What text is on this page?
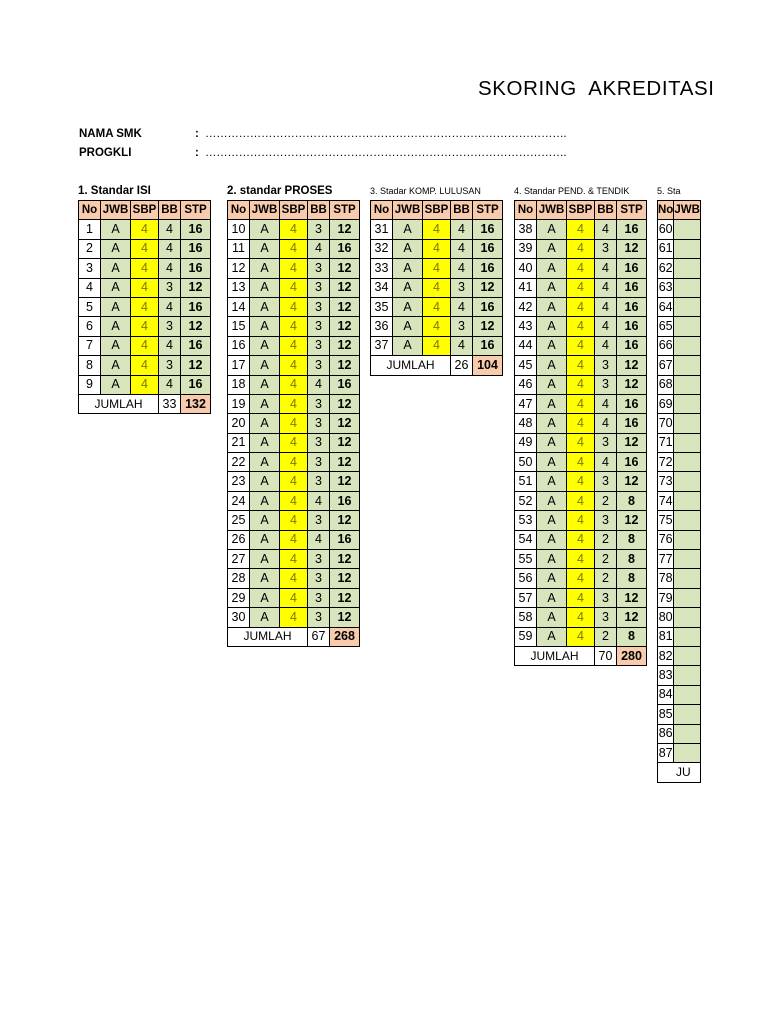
SKORING  AKREDITASI
NAMA SMK	: …………………………………………………………………………………….
PROGKLI	: …………………………………………………………………………………….
1. Standar ISI
No	JWB	SBP	BB	STP
1	A	4	4	16
2	A	4	4	16
3	A	4	4	16
4	A	4	3	12
5	A	4	4	16
6	A	4	3	12
7	A	4	4	16
8	A	4	3	12
9	A	4	4	16
JUMLAH			33	132
2. standar PROSES
No	JWB	SBP	BB	STP
10	A	4	3	12
11	A	4	4	16
12	A	4	3	12
13	A	4	3	12
14	A	4	3	12
15	A	4	3	12
16	A	4	3	12
17	A	4	3	12
18	A	4	4	16
19	A	4	3	12
20	A	4	3	12
21	A	4	3	12
22	A	4	3	12
23	A	4	3	12
24	A	4	4	16
25	A	4	3	12
26	A	4	4	16
27	A	4	3	12
28	A	4	3	12
29	A	4	3	12
30	A	4	3	12
JUMLAH			67	268
3. Stadar KOMP. LULUSAN
No	JWB	SBP	BB	STP
31	A	4	4	16
32	A	4	4	16
33	A	4	4	16
34	A	4	3	12
35	A	4	4	16
36	A	4	3	12
37	A	4	4	16
JUMLAH			26	104
4. Standar PEND. & TENDIK
No	JWB	SBP	BB	STP
38	A	4	4	16
39	A	4	3	12
40	A	4	4	16
41	A	4	4	16
42	A	4	4	16
43	A	4	4	16
44	A	4	4	16
45	A	4	3	12
46	A	4	3	12
47	A	4	4	16
48	A	4	4	16
49	A	4	3	12
50	A	4	4	16
51	A	4	3	12
52	A	4	2	8
53	A	4	3	12
54	A	4	2	8
55	A	4	2	8
56	A	4	2	8
57	A	4	3	12
58	A	4	3	12
59	A	4	2	8
JUMLAH			70	280
5. Sta
No	JWB
60	
61	
62	
63	
64	
65	
66	
67	
68	
69	
70	
71	
72	
73	
74	
75	
76	
77	
78	
79	
80	
81	
82	
83	
84	
85	
86	
87	
JU	
